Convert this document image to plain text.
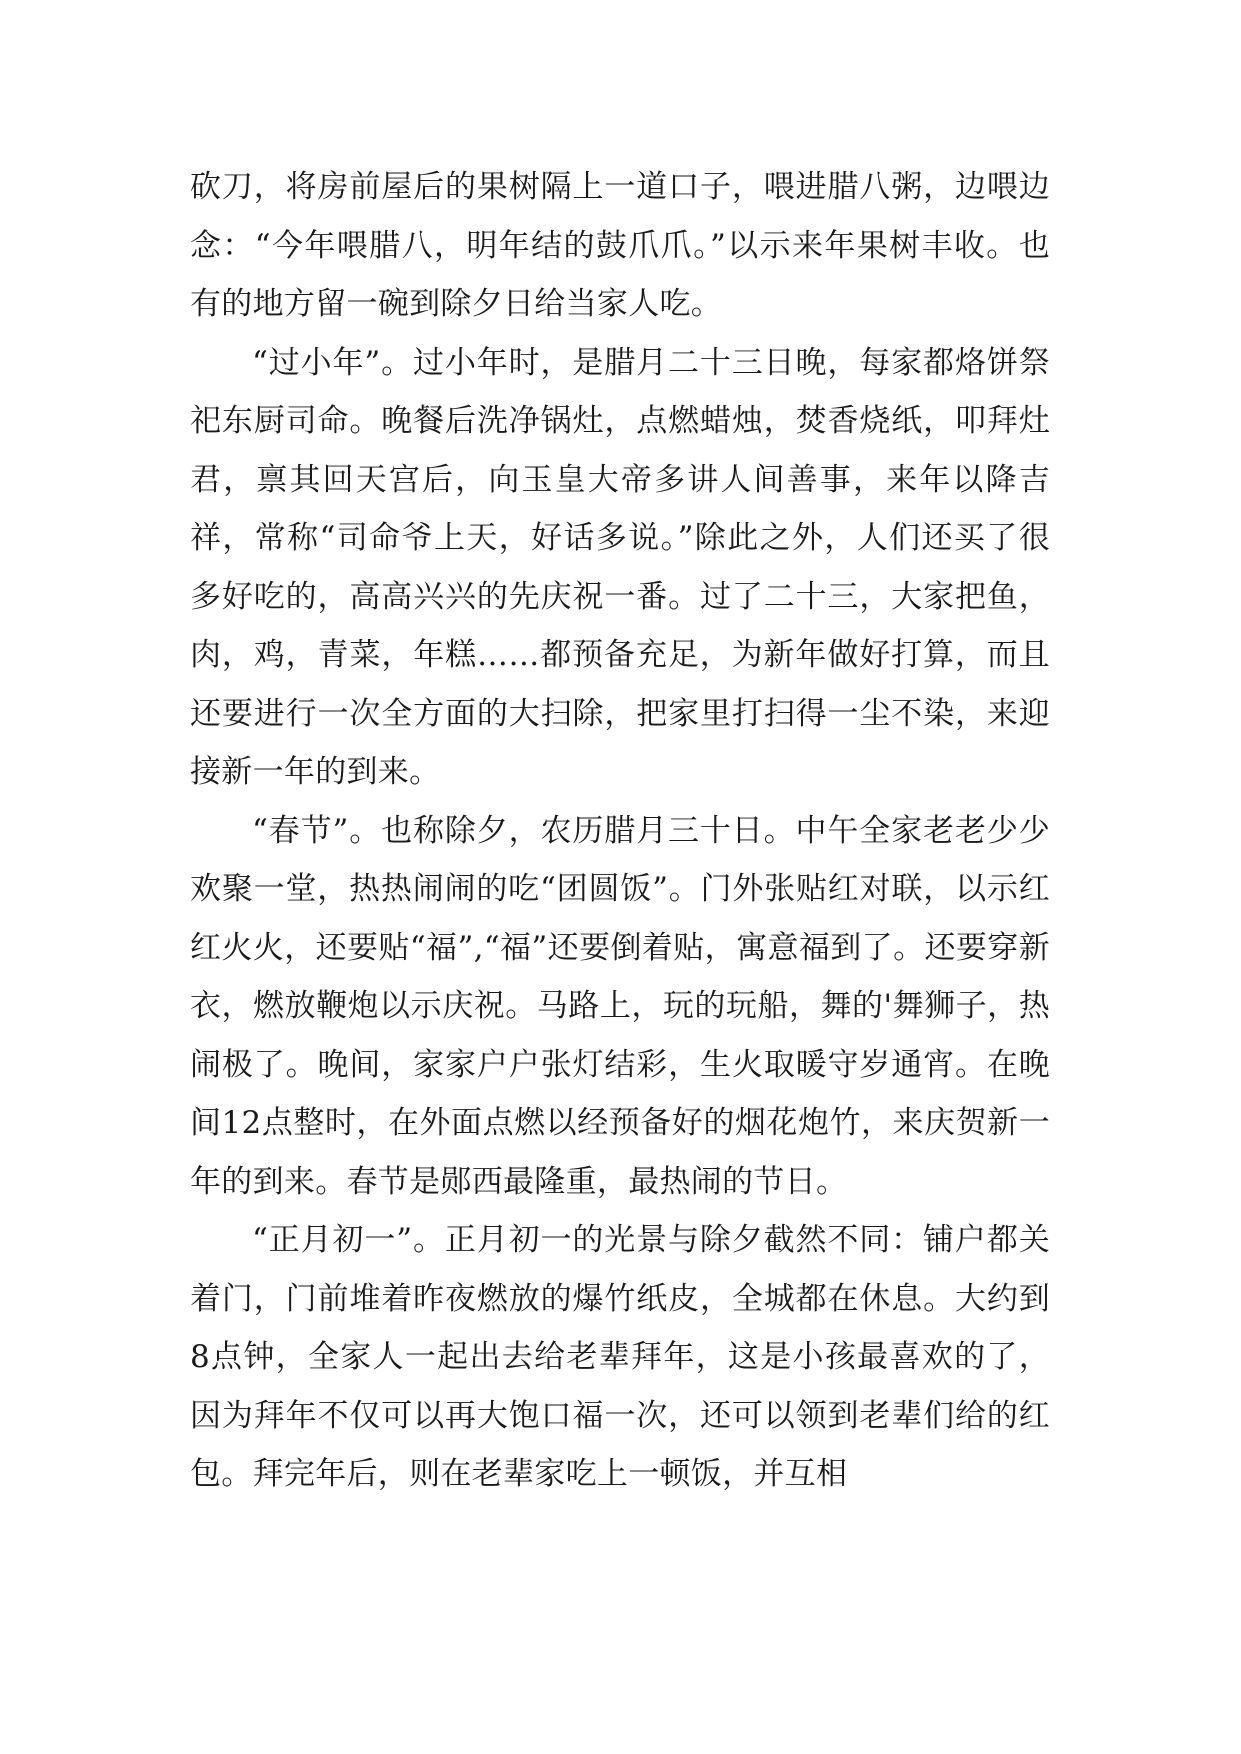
砍刀，将房前屋后的果树隔上一道口子，喂进腊八粥，边喂边念：“今年喂腊八，明年结的鼓爪爪。”以示来年果树丰收。也有的地方留一碗到除夕日给当家人吃。

“过小年”。过小年时，是腊月二十三日晚，每家都烙饼祭祀东厨司命。晚餐后洗净锅灶，点燃蜡烛，焚香烧纸，叩拜灶君，禀其回天宫后，向玉皇大帝多讲人间善事，来年以降吉祥，常称“司命爷上天，好话多说。”除此之外，人们还买了很多好吃的，高高兴兴的先庆祝一番。过了二十三，大家把鱼，肉，鸡，青菜，年糕……都预备充足，为新年做好打算，而且还要进行一次全方面的大扫除，把家里打扫得一尘不染，来迎接新一年的到来。

“春节”。也称除夕，农历腊月三十日。中午全家老老少少欢聚一堂，热热闹闹的吃“团圆饭”。门外张贴红对联，以示红红火火，还要贴“福”,“福”还要倒着贴，寓意福到了。还要穿新衣，燃放鞭炮以示庆祝。马路上，玩的玩船，舞的'舞狮子，热闹极了。晚间，家家户户张灯结彩，生火取暖守岁通宵。在晚间12点整时，在外面点燃以经预备好的烟花炮竹，来庆贺新一年的到来。春节是郧西最隆重，最热闹的节日。

“正月初一”。正月初一的光景与除夕截然不同：铺户都关着门，门前堆着昨夜燃放的爆竹纸皮，全城都在休息。大约到8点钟，全家人一起出去给老辈拜年，这是小孩最喜欢的了，因为拜年不仅可以再大饱口福一次，还可以领到老辈们给的红包。拜完年后，则在老辈家吃上一顿饭，并互相
